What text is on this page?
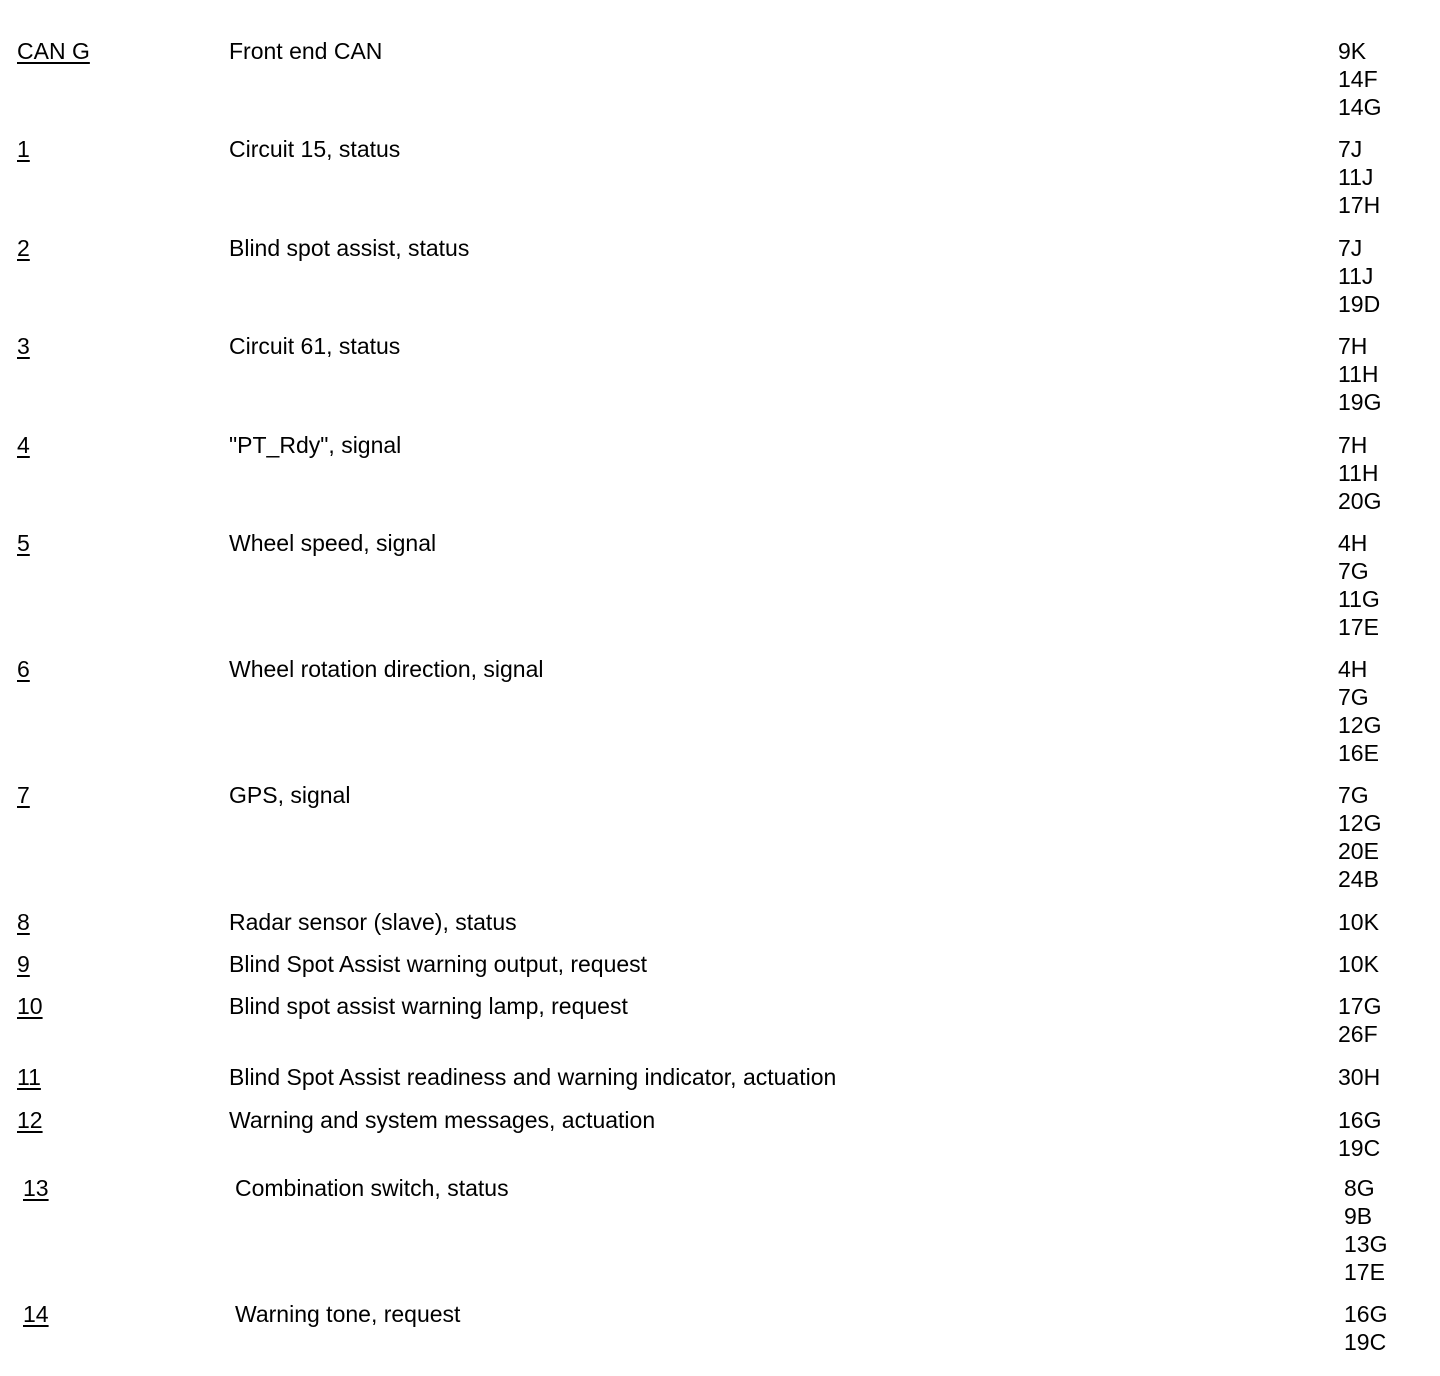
CAN G	Front end CAN	9K
14F
14G
1	Circuit 15, status	7J
11J
17H
2	Blind spot assist, status	7J
11J
19D
3	Circuit 61, status	7H
11H
19G
4	"PT_Rdy", signal	7H
11H
20G
5	Wheel speed, signal	4H
7G
11G
17E
6	Wheel rotation direction, signal	4H
7G
12G
16E
7	GPS, signal	7G
12G
20E
24B
8	Radar sensor (slave), status	10K
9	Blind Spot Assist warning output, request	10K
10	Blind spot assist warning lamp, request	17G
26F
11	Blind Spot Assist readiness and warning indicator, actuation	30H
12	Warning and system messages, actuation	16G
19C
13	Combination switch, status	8G
9B
13G
17E
14	Warning tone, request	16G
19C
